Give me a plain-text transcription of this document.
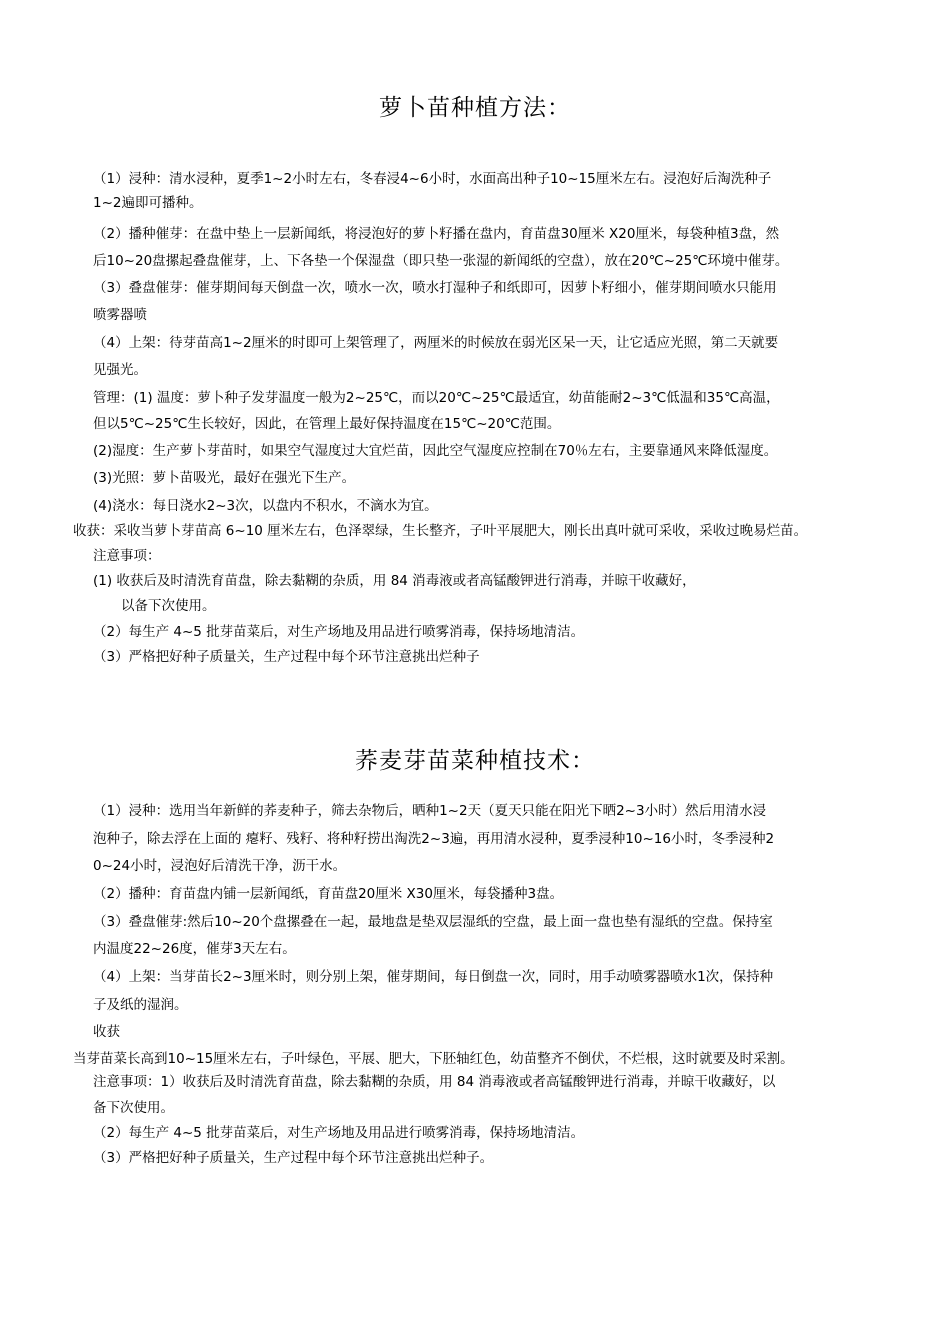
萝卜苗种植方法：

（1）浸种：清水浸种，夏季1~2小时左右，冬春浸4~6小时，水面高出种子10~15厘米左右。浸泡好后淘洗种子

1~2遍即可播种。

（2）播种催芽：在盘中垫上一层新闻纸，将浸泡好的萝卜籽播在盘内，育苗盘30厘米 X20厘米，每袋种植3盘，然

后10~20盘摞起叠盘催芽，上、下各垫一个保湿盘（即只垫一张湿的新闻纸的空盘），放在20℃~25℃环境中催芽。

（3）叠盘催芽：催芽期间每天倒盘一次，喷水一次，喷水打湿种子和纸即可，因萝卜籽细小，催芽期间喷水只能用

喷雾器喷

（4）上架：待芽苗高1~2厘米的时即可上架管理了，两厘米的时候放在弱光区呆一天，让它适应光照，第二天就要

见强光。

管理：(1) 温度：萝卜种子发芽温度一般为2~25℃，而以20℃~25℃最适宜，幼苗能耐2~3℃低温和35℃高温，

但以5℃~25℃生长较好，因此，在管理上最好保持温度在15℃~20℃范围。

(2)湿度：生产萝卜芽苗时，如果空气湿度过大宜烂苗，因此空气湿度应控制在70％左右，主要靠通风来降低湿度。

(3)光照：萝卜苗吸光，最好在强光下生产。

(4)浇水：每日浇水2~3次，以盘内不积水，不滴水为宜。

收获：采收当萝卜芽苗高 6~10 厘米左右，色泽翠绿，生长整齐，子叶平展肥大，刚长出真叶就可采收，采收过晚易烂苗。

注意事项：

(1) 收获后及时清洗育苗盘，除去黏糊的杂质，用 84 消毒液或者高锰酸钾进行消毒，并晾干收藏好，

以备下次使用。

（2）每生产 4~5 批芽苗菜后，对生产场地及用品进行喷雾消毒，保持场地清洁。

（3）严格把好种子质量关，生产过程中每个环节注意挑出烂种子

荞麦芽苗菜种植技术：

（1）浸种：选用当年新鲜的荞麦种子，筛去杂物后，晒种1~2天（夏天只能在阳光下晒2~3小时）然后用清水浸

泡种子，除去浮在上面的 瘪籽、残籽、将种籽捞出淘洗2~3遍，再用清水浸种，夏季浸种10~16小时，冬季浸种2

0~24小时，浸泡好后清洗干净，沥干水。

（2）播种：育苗盘内铺一层新闻纸，育苗盘20厘米 X30厘米，每袋播种3盘。

（3）叠盘催芽:然后10~20个盘摞叠在一起，最地盘是垫双层湿纸的空盘，最上面一盘也垫有湿纸的空盘。保持室

内温度22~26度，催芽3天左右。

（4）上架：当芽苗长2~3厘米时，则分别上架，催芽期间，每日倒盘一次，同时，用手动喷雾器喷水1次，保持种

子及纸的湿润。

收获

当芽苗菜长高到10~15厘米左右，子叶绿色，平展、肥大，下胚轴红色，幼苗整齐不倒伏，不烂根，这时就要及时采割。

注意事项：1）收获后及时清洗育苗盘，除去黏糊的杂质，用 84 消毒液或者高锰酸钾进行消毒，并晾干收藏好，以

备下次使用。

（2）每生产 4~5 批芽苗菜后，对生产场地及用品进行喷雾消毒，保持场地清洁。

（3）严格把好种子质量关，生产过程中每个环节注意挑出烂种子。
